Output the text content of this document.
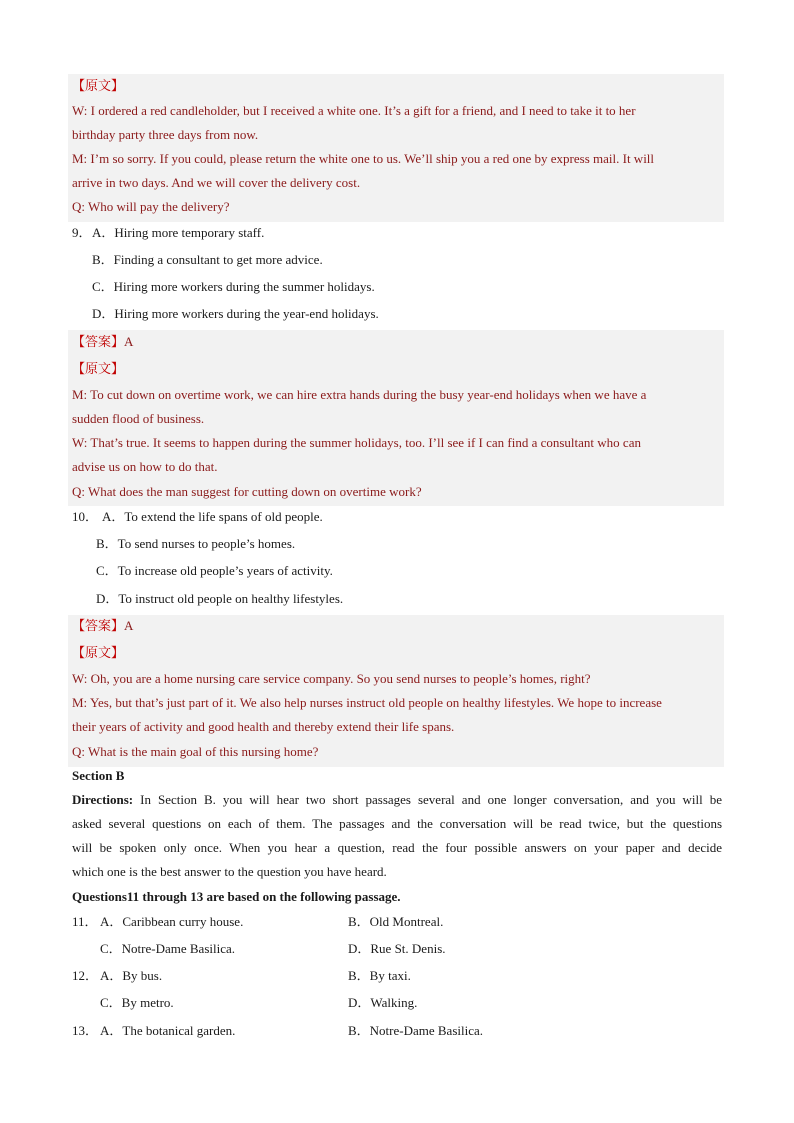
【原文】
W: I ordered a red candleholder, but I received a white one. It’s a gift for a friend, and I need to take it to her
birthday party three days from now.
M: I’m so sorry. If you could, please return the white one to us. We’ll ship you a red one by express mail. It will
arrive in two days. And we will cover the delivery cost.
Q: Who will pay the delivery?
9． A．Hiring more temporary staff.
B．Finding a consultant to get more advice.
C．Hiring more workers during the summer holidays.
D．Hiring more workers during the year-end holidays.
【答案】A
【原文】
M: To cut down on overtime work, we can hire extra hands during the busy year-end holidays when we have a
sudden flood of business.
W: That’s true. It seems to happen during the summer holidays, too. I’ll see if I can find a consultant who can
advise us on how to do that.
Q: What does the man suggest for cutting down on overtime work?
10． A．To extend the life spans of old people.
B．To send nurses to people’s homes.
C．To increase old people’s years of activity.
D．To instruct old people on healthy lifestyles.
【答案】A
【原文】
W: Oh, you are a home nursing care service company. So you send nurses to people’s homes, right?
M: Yes, but that’s just part of it. We also help nurses instruct old people on healthy lifestyles. We hope to increase
their years of activity and good health and thereby extend their life spans.
Q: What is the main goal of this nursing home?
Section B
Directions: In Section B. you will hear two short passages several and one longer conversation, and you will be
asked several questions on each of them. The passages and the conversation will be read twice, but the questions
will be spoken only once. When you hear a question, read the four possible answers on your paper and decide
which one is the best answer to the question you have heard.
Questions11 through 13 are based on the following passage.
11． A．Caribbean curry house.	B．Old Montreal.
C．Notre-Dame Basilica.	D．Rue St. Denis.
12． A．By bus.	B．By taxi.
C．By metro.	D．Walking.
13． A．The botanical garden.	B．Notre-Dame Basilica.
